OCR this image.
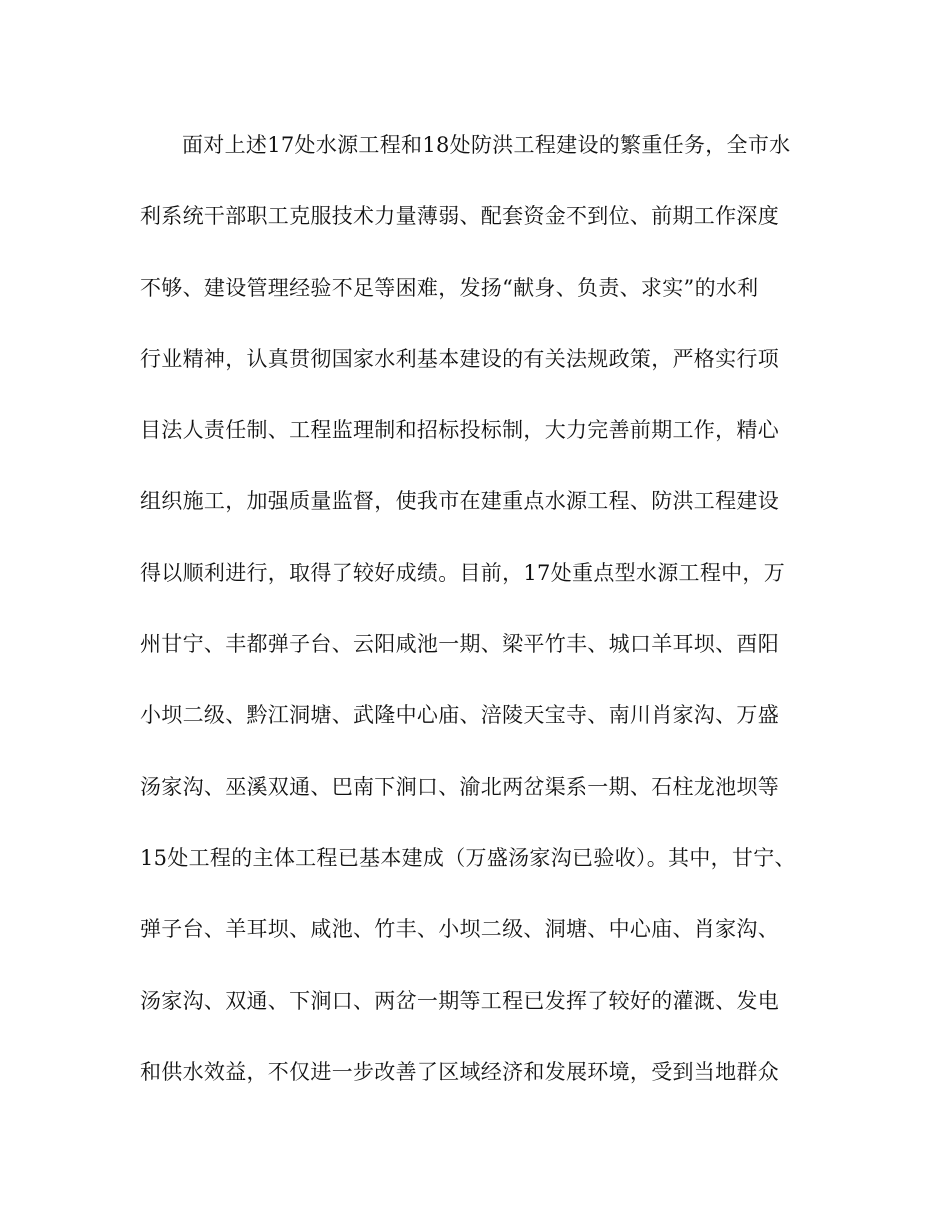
面对上述17处水源工程和18处防洪工程建设的繁重任务，全市水
利系统干部职工克服技术力量薄弱、配套资金不到位、前期工作深度
不够、建设管理经验不足等困难，发扬“献身、负责、求实”的水利
行业精神，认真贯彻国家水利基本建设的有关法规政策，严格实行项
目法人责任制、工程监理制和招标投标制，大力完善前期工作，精心
组织施工，加强质量监督，使我市在建重点水源工程、防洪工程建设
得以顺利进行，取得了较好成绩。目前，17处重点型水源工程中，万
州甘宁、丰都弹子台、云阳咸池一期、梁平竹丰、城口羊耳坝、酉阳
小坝二级、黔江洞塘、武隆中心庙、涪陵天宝寺、南川肖家沟、万盛
汤家沟、巫溪双通、巴南下涧口、渝北两岔渠系一期、石柱龙池坝等
15处工程的主体工程已基本建成（万盛汤家沟已验收）。其中，甘宁、
弹子台、羊耳坝、咸池、竹丰、小坝二级、洞塘、中心庙、肖家沟、
汤家沟、双通、下涧口、两岔一期等工程已发挥了较好的灌溉、发电
和供水效益，不仅进一步改善了区域经济和发展环境，受到当地群众
